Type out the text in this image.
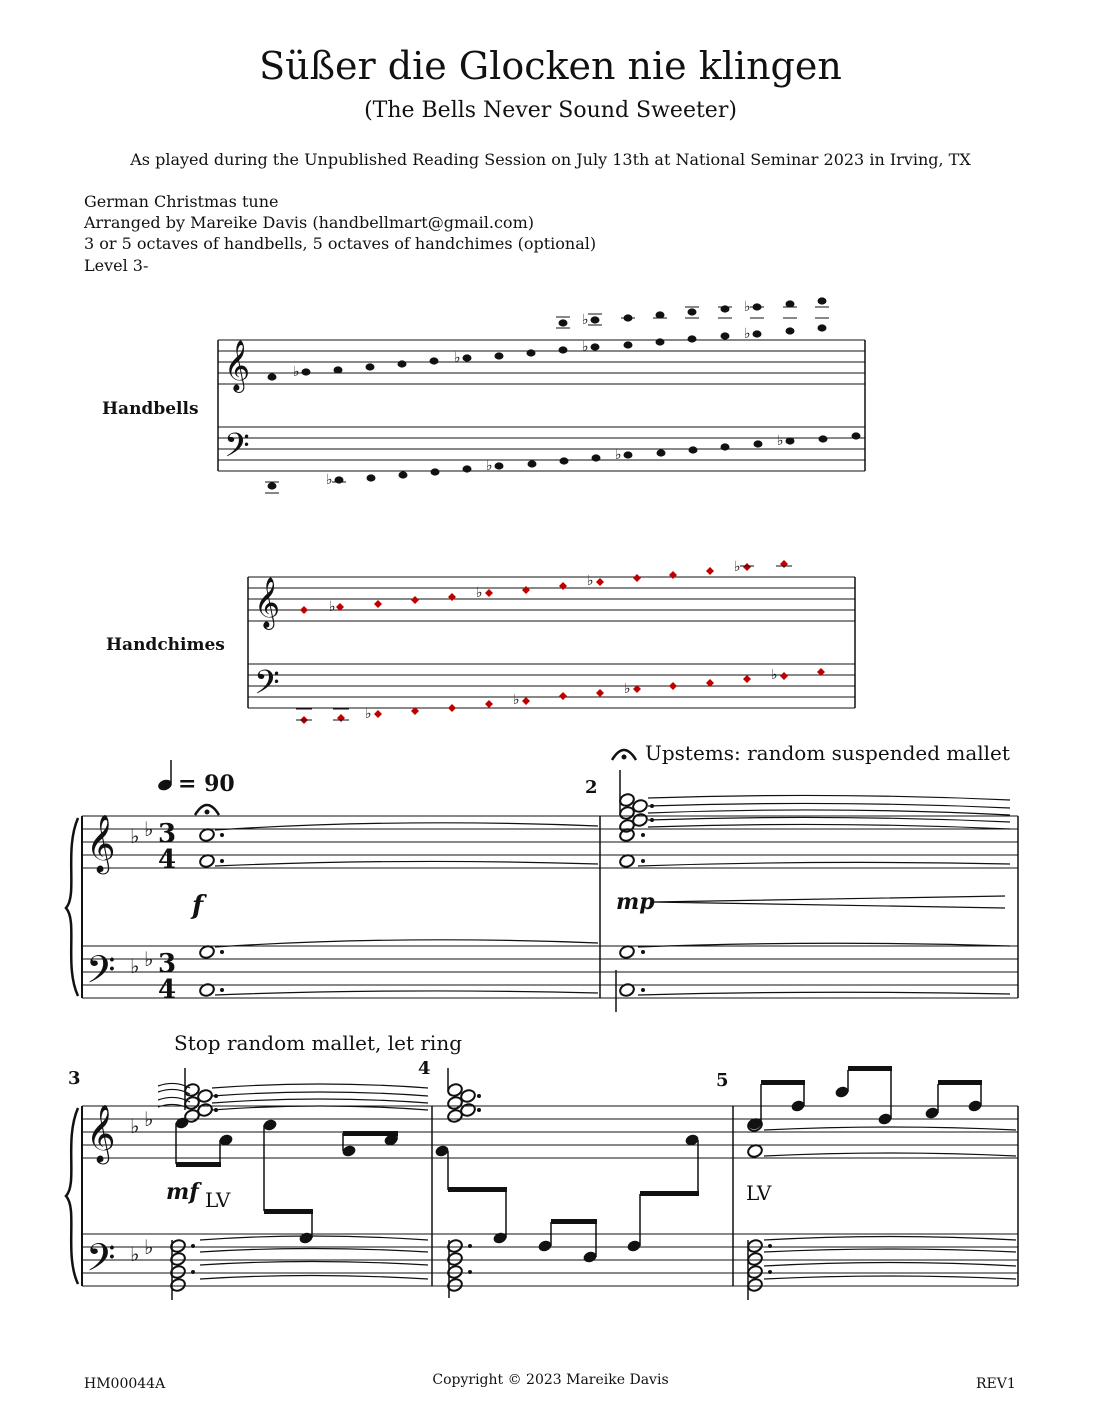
Süßer die Glocken nie klingen
(The Bells Never Sound Sweeter)
As played during the Unpublished Reading Session on July 13th at National Seminar 2023 in Irving, TX
German Christmas tune
Arranged by Mareike Davis (handbellmart@gmail.com)
3 or 5 octaves of handbells, 5 octaves of handchimes (optional)
Level 3-
Handbells
Handchimes
𝄞
𝄢
♭
♭
♭
♭
♭
♭
♭
♭
♭
♭
𝄞
𝄢
♭
♭
♭
♭
♭
♭
♭
♭
𝄞
𝄢
♭ ♭
♭ ♭
3
4
3
4
= 90
f
2
Upstems: random suspended mallet
mp
𝄞
𝄢
♭ ♭
♭ ♭
3	4
5
Stop random mallet, let ring
mf LV	LV
HM00044A	Copyright © 2023 Mareike Davis	REV1
